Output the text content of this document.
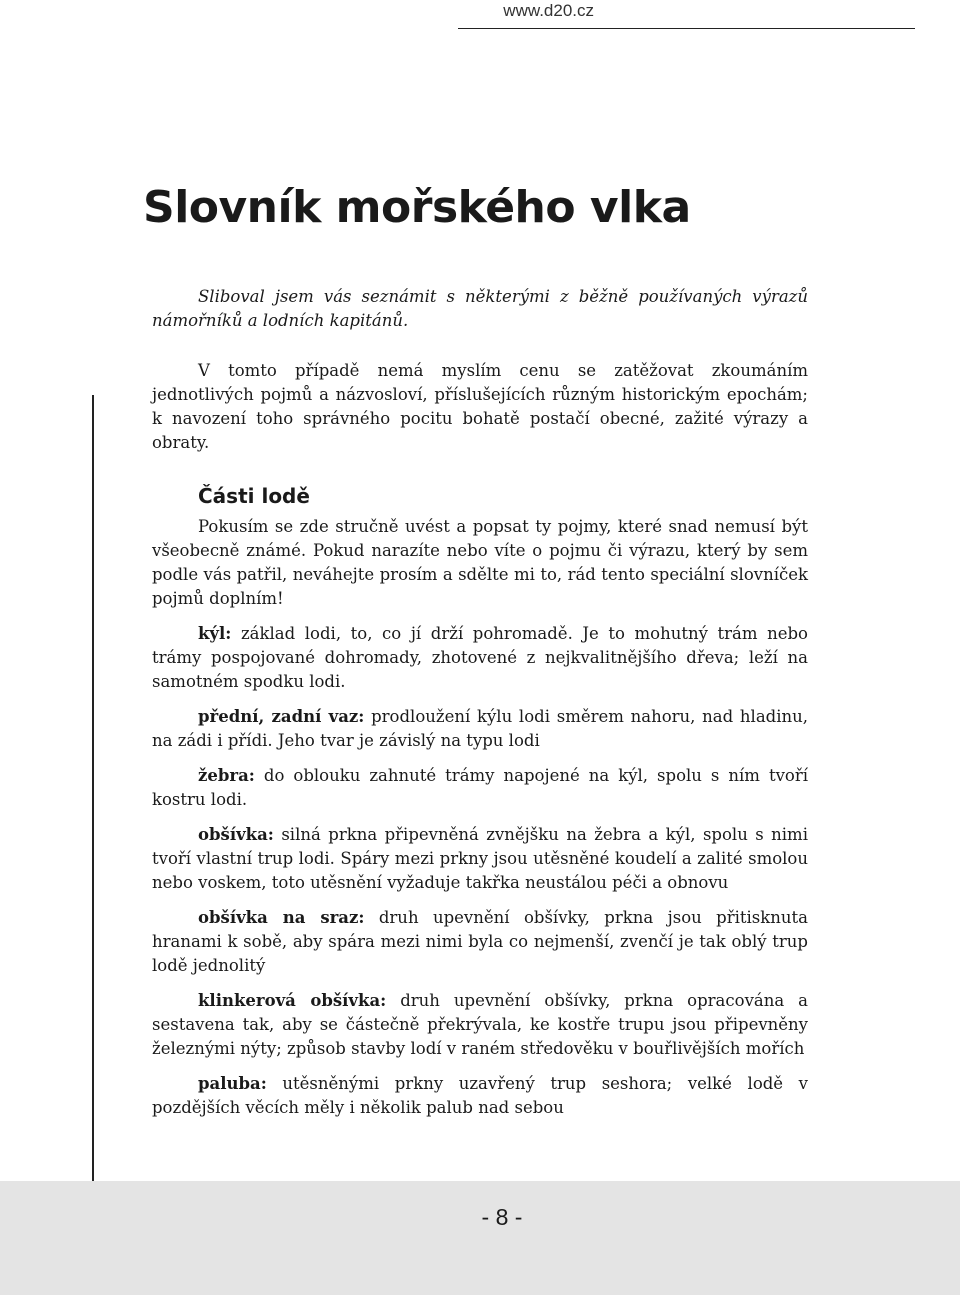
www.d20.cz
Slovník mořského vlka

Sliboval jsem vás seznámit s některými z běžně používaných výrazů námořníků a lodních kapitánů.

V tomto případě nemá myslím cenu se zatěžovat zkoumáním jednotlivých pojmů a názvosloví, příslušejících různým historickým epochám; k navození toho správného pocitu bohatě postačí obecné, zažité výrazy a obraty.

Části lodě

Pokusím se zde stručně uvést a popsat ty pojmy, které snad nemusí být všeobecně známé. Pokud narazíte nebo víte o pojmu či výrazu, který by sem podle vás patřil, neváhejte prosím a sdělte mi to, rád tento speciální slovníček pojmů doplním!

kýl: základ lodi, to, co jí drží pohromadě. Je to mohutný trám nebo trámy pospojované dohromady, zhotovené z nejkvalitnějšího dřeva; leží na samotném spodku lodi.

přední, zadní vaz: prodloužení kýlu lodi směrem nahoru, nad hladinu, na zádi i přídi. Jeho tvar je závislý na typu lodi

žebra: do oblouku zahnuté trámy napojené na kýl, spolu s ním tvoří kostru lodi.

obšívka: silná prkna připevněná zvnějšku na žebra a kýl, spolu s nimi tvoří vlastní trup lodi. Spáry mezi prkny jsou utěsněné koudelí a zalité smolou nebo voskem, toto utěsnění vyžaduje takřka neustálou péči a obnovu

obšívka na sraz: druh upevnění obšívky, prkna jsou přitisknuta hranami k sobě, aby spára mezi nimi byla co nejmenší, zvenčí je tak oblý trup lodě jednolitý

klinkerová obšívka: druh upevnění obšívky, prkna opracována a sestavena tak, aby se částečně překrývala, ke kostře trupu jsou připevněny železnými nýty; způsob stavby lodí v raném středověku v bouřlivějších mořích

paluba: utěsněnými prkny uzavřený trup seshora; velké lodě v pozdějších věcích měly i několik palub nad sebou

- 8 -
